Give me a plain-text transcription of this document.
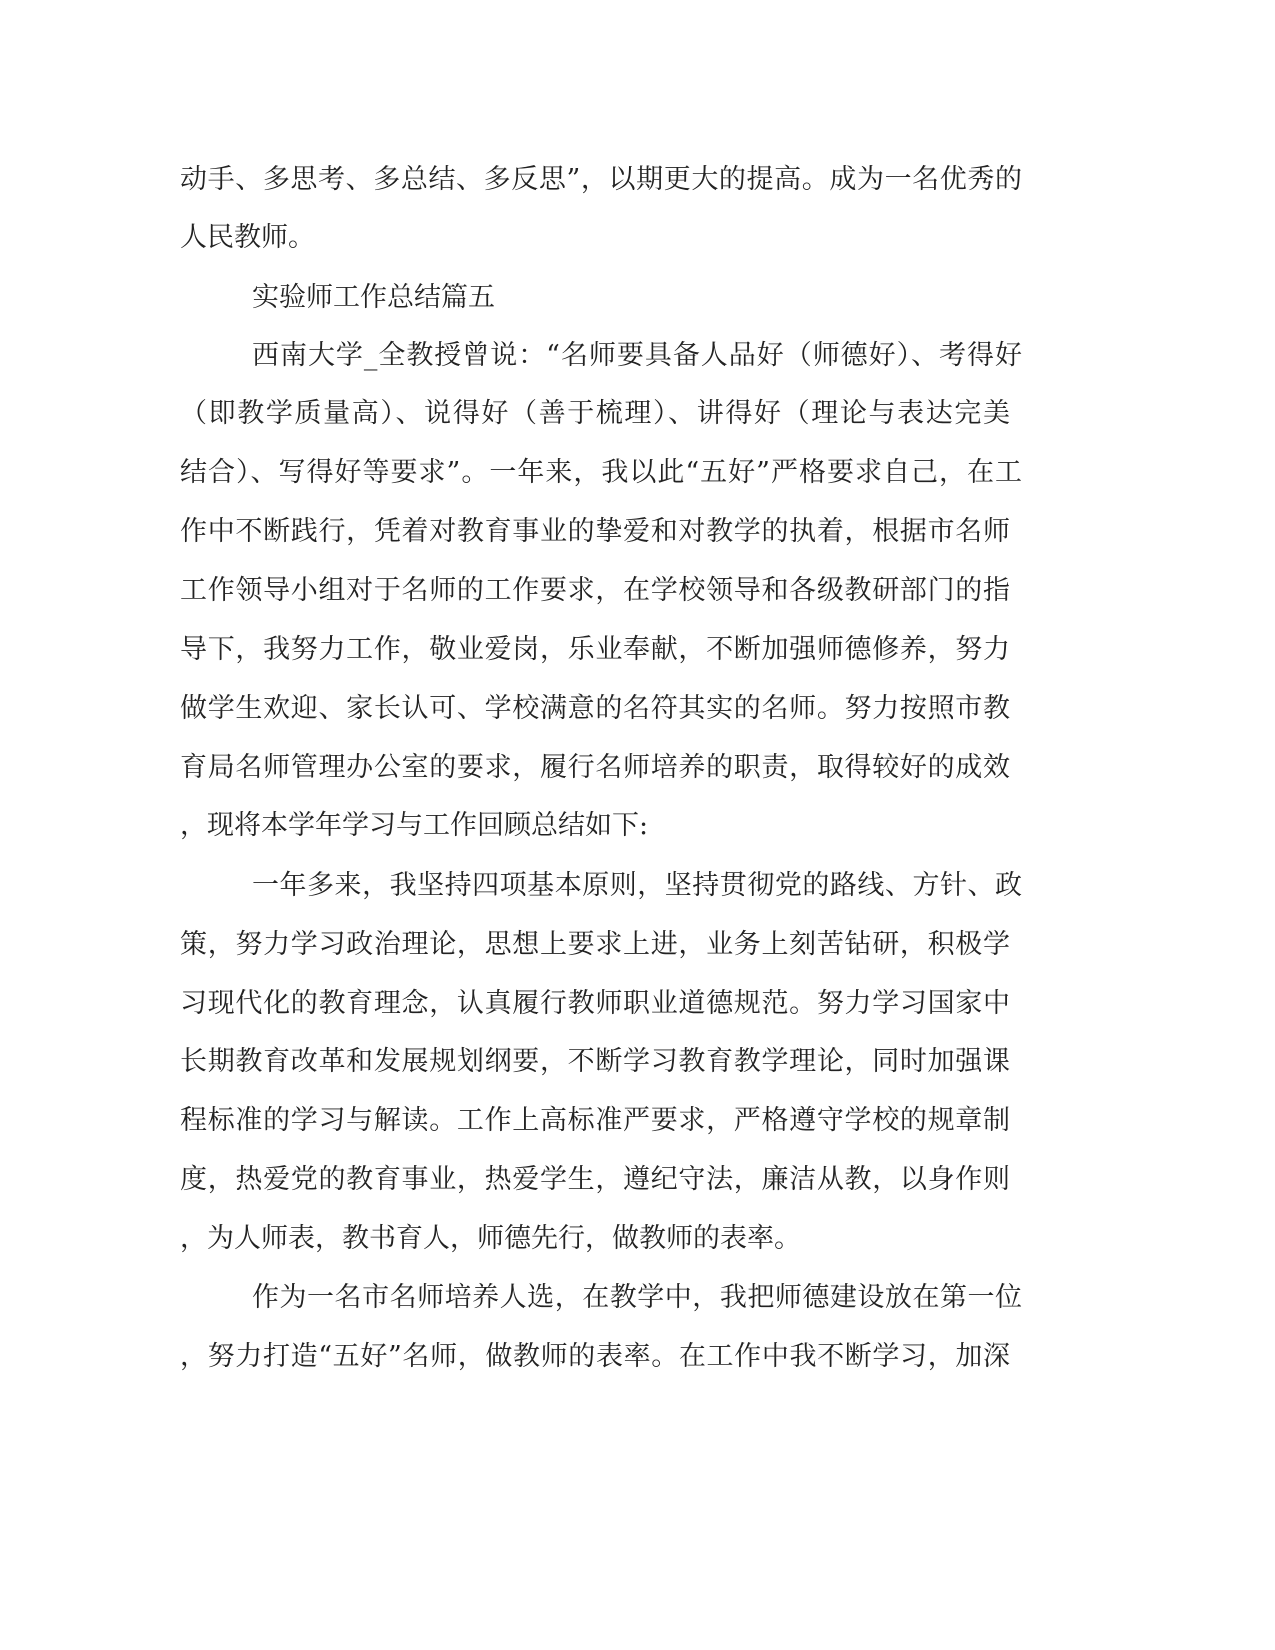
动手、多思考、多总结、多反思”，以期更大的提高。成为一名优秀的
人民教师。
实验师工作总结篇五
西南大学_全教授曾说：“名师要具备人品好（师德好）、考得好
（即教学质量高）、说得好（善于梳理）、讲得好（理论与表达完美
结合）、写得好等要求”。一年来，我以此“五好”严格要求自己，在工
作中不断践行，凭着对教育事业的挚爱和对教学的执着，根据市名师
工作领导小组对于名师的工作要求，在学校领导和各级教研部门的指
导下，我努力工作，敬业爱岗，乐业奉献，不断加强师德修养，努力
做学生欢迎、家长认可、学校满意的名符其实的名师。努力按照市教
育局名师管理办公室的要求，履行名师培养的职责，取得较好的成效
，现将本学年学习与工作回顾总结如下:
一年多来，我坚持四项基本原则，坚持贯彻党的路线、方针、政
策，努力学习政治理论，思想上要求上进，业务上刻苦钻研，积极学
习现代化的教育理念，认真履行教师职业道德规范。努力学习国家中
长期教育改革和发展规划纲要，不断学习教育教学理论，同时加强课
程标准的学习与解读。工作上高标准严要求，严格遵守学校的规章制
度，热爱党的教育事业，热爱学生，遵纪守法，廉洁从教，以身作则
，为人师表，教书育人，师德先行，做教师的表率。
作为一名市名师培养人选，在教学中，我把师德建设放在第一位
，努力打造“五好”名师，做教师的表率。在工作中我不断学习，加深
